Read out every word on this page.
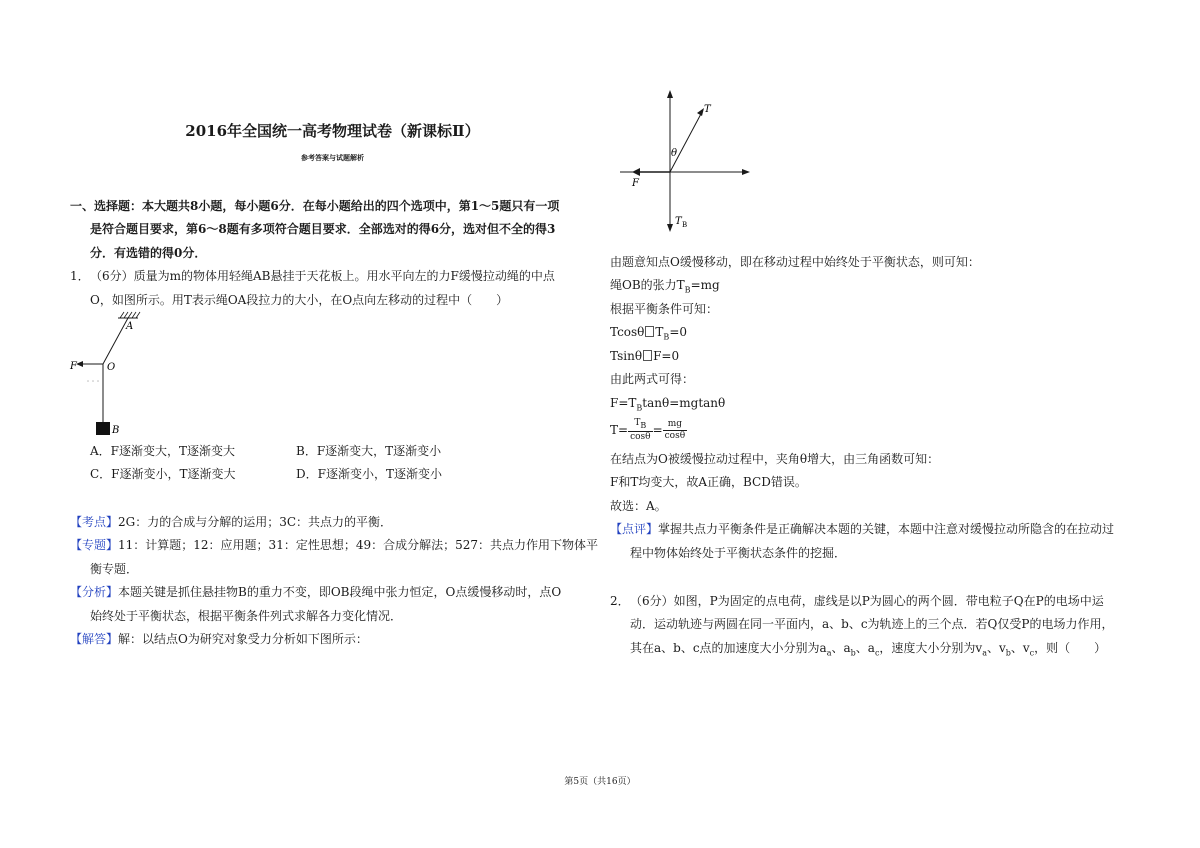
2016年全国统一高考物理试卷（新课标Ⅱ）
参考答案与试题解析
一、选择题：本大题共8小题，每小题6分．在每小题给出的四个选项中，第1～5题只有一项
是符合题目要求，第6～8题有多项符合题目要求．全部选对的得6分，选对但不全的得3
分．有选错的得0分．
1． （6分）质量为m的物体用轻绳AB悬挂于天花板上。用水平向左的力F缓慢拉动绳的中点
O，如图所示。用T表示绳OA段拉力的大小，在O点向左移动的过程中（　　）
A
O
F
B
A．F逐渐变大，T逐渐变大	B．F逐渐变大，T逐渐变小
C．F逐渐变小，T逐渐变大	D．F逐渐变小，T逐渐变小
【考点】2G：力的合成与分解的运用；3C：共点力的平衡．
【专题】11：计算题；12：应用题；31：定性思想；49：合成分解法；527：共点力作用下物体平
衡专题．
【分析】本题关键是抓住悬挂物B的重力不变，即OB段绳中张力恒定，O点缓慢移动时，点O
始终处于平衡状态，根据平衡条件列式求解各力变化情况．
【解答】解：以结点O为研究对象受力分析如下图所示：
T
θ
F
T B
由题意知点O缓慢移动，即在移动过程中始终处于平衡状态，则可知：
绳OB的张力$T_B=mg$
根据平衡条件可知：
Tcosθ $T_B=0$
Tsinθ F=0
由此两式可得：
$F=T_B\tan\theta=mgtan\theta$
$T= \frac{T_B}{\cos\theta} = \frac{mg}{\cos\theta}$
在结点为O被缓慢拉动过程中，夹角θ增大，由三角函数可知：
F和T均变大，故A正确，BCD错误。
故选：A。
【点评】掌握共点力平衡条件是正确解决本题的关键，本题中注意对缓慢拉动所隐含的在拉动过
程中物体始终处于平衡状态条件的挖掘．
2． （6分）如图，P为固定的点电荷，虚线是以P为圆心的两个圆．带电粒子Q在P的电场中运
动．运动轨迹与两圆在同一平面内，a、b、c为轨迹上的三个点．若Q仅受P的电场力作用，
其在a、b、c点的加速度大小分别为$a_a$、$a_b$、$a_c$，速度大小分别为$v_a$、$v_b$、$v_c$，则（　　）
第5页（共16页）
